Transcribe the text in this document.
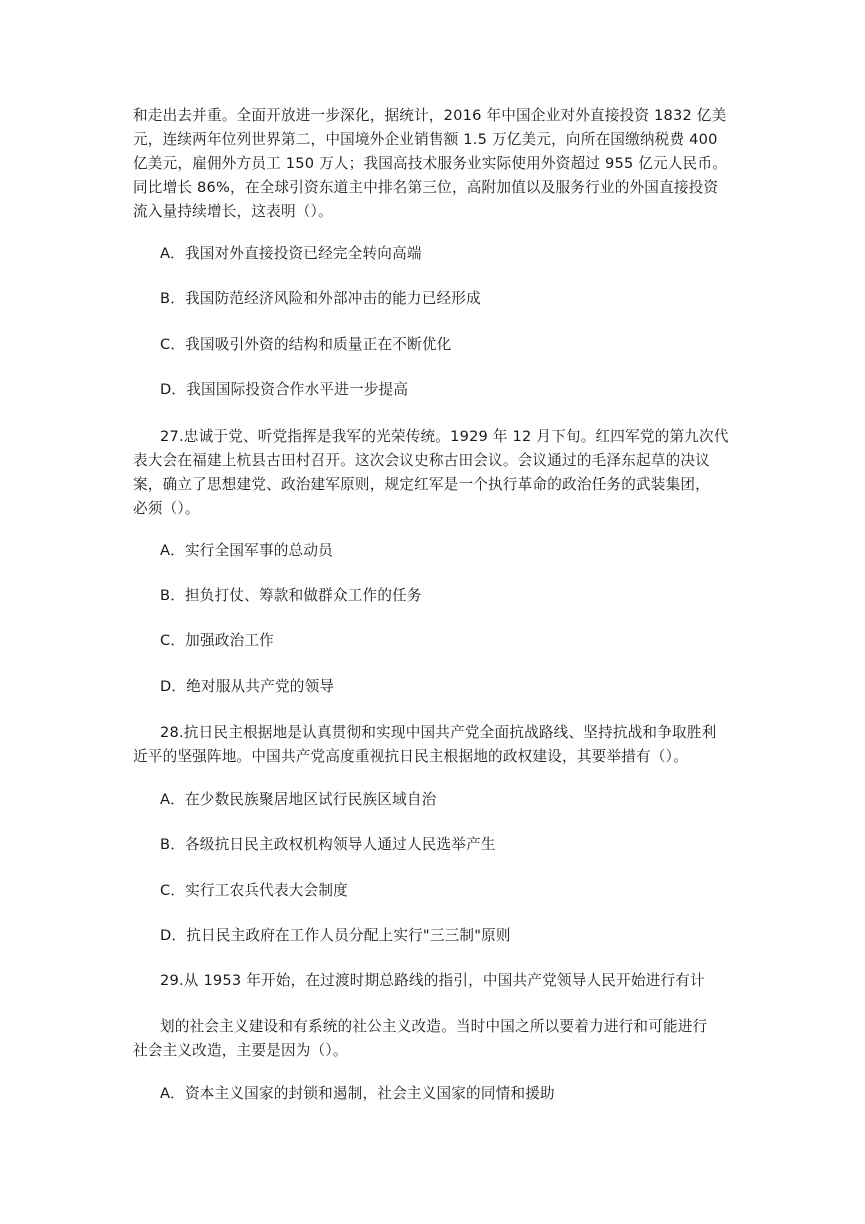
和走出去并重。全面开放进一步深化，据统计，2016 年中国企业对外直接投资 1832 亿美
元，连续两年位列世界第二，中国境外企业销售额 1.5 万亿美元，向所在国缴纳税费 400
亿美元，雇佣外方员工 150 万人；我国高技术服务业实际使用外资超过 955 亿元人民币。
同比增长 86%，在全球引资东道主中排名第三位，高附加值以及服务行业的外国直接投资
流入量持续增长，这表明（）。
A．我国对外直接投资已经完全转向高端
B．我国防范经济风险和外部冲击的能力已经形成
C．我国吸引外资的结构和质量正在不断优化
D．我国国际投资合作水平进一步提高
27.忠诚于党、听党指挥是我军的光荣传统。1929 年 12 月下旬。红四军党的第九次代
表大会在福建上杭县古田村召开。这次会议史称古田会议。会议通过的毛泽东起草的决议
案，确立了思想建党、政治建军原则，规定红军是一个执行革命的政治任务的武装集团，
必须（）。
A．实行全国军事的总动员
B．担负打仗、筹款和做群众工作的任务
C．加强政治工作
D．绝对服从共产党的领导
28.抗日民主根据地是认真贯彻和实现中国共产党全面抗战路线、坚持抗战和争取胜利
近平的坚强阵地。中国共产党高度重视抗日民主根据地的政权建设，其要举措有（）。
A．在少数民族聚居地区试行民族区域自治
B．各级抗日民主政权机构领导人通过人民选举产生
C．实行工农兵代表大会制度
D．抗日民主政府在工作人员分配上实行"三三制"原则
29.从 1953 年开始，在过渡时期总路线的指引，中国共产党领导人民开始进行有计
划的社会主义建设和有系统的社公主义改造。当时中国之所以要着力进行和可能进行
社会主义改造，主要是因为（）。
A．资本主义国家的封锁和遏制，社会主义国家的同情和援助
